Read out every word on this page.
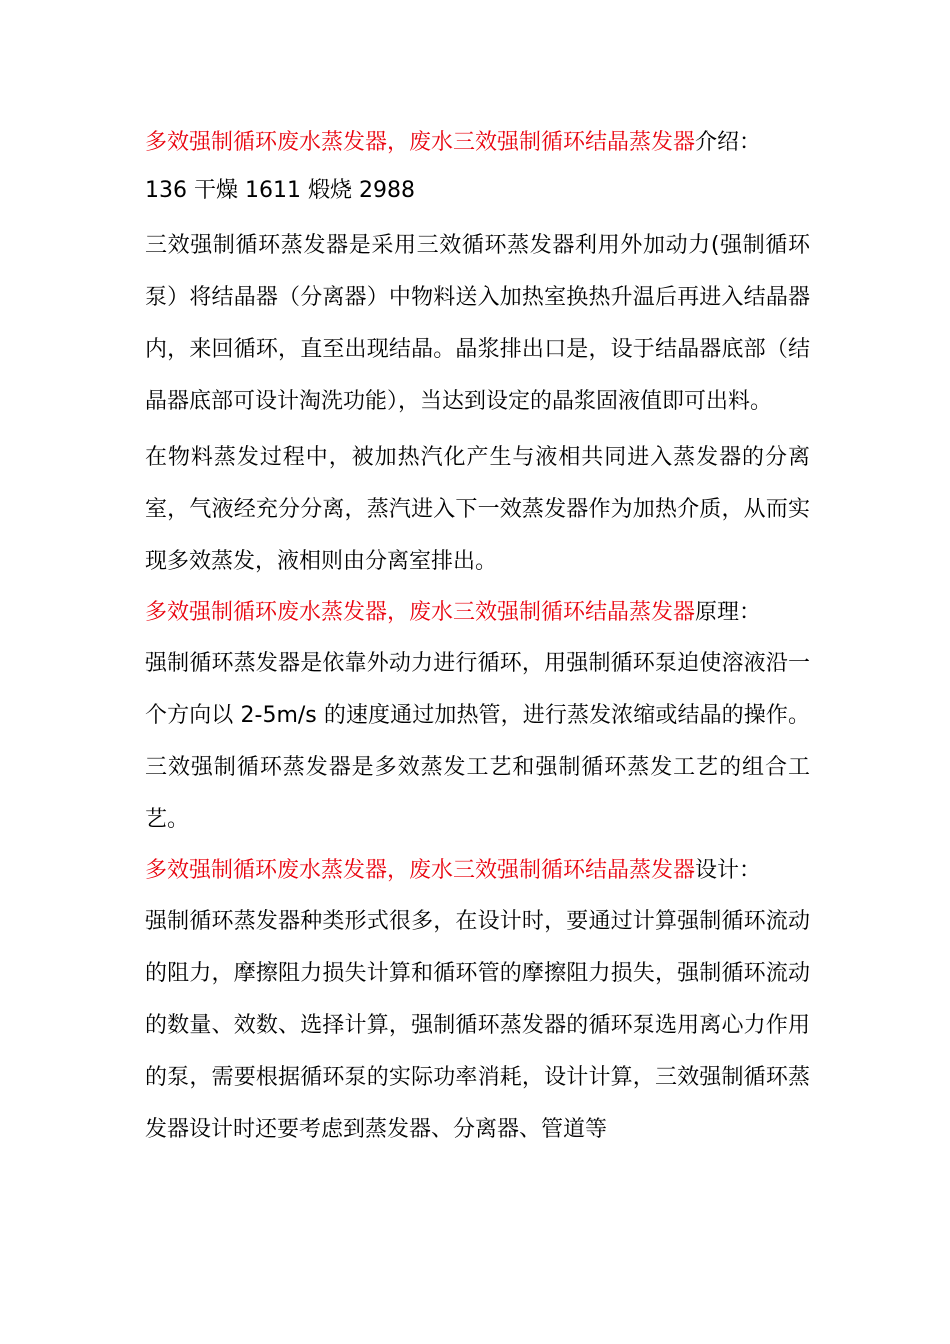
多效强制循环废水蒸发器，废水三效强制循环结晶蒸发器介绍：

136 干燥 1611 煅烧 2988

三效强制循环蒸发器是采用三效循环蒸发器利用外加动力(强制循环泵）将结晶器（分离器）中物料送入加热室换热升温后再进入结晶器内，来回循环，直至出现结晶。晶浆排出口是，设于结晶器底部（结晶器底部可设计淘洗功能），当达到设定的晶浆固液值即可出料。

在物料蒸发过程中，被加热汽化产生与液相共同进入蒸发器的分离室，气液经充分分离，蒸汽进入下一效蒸发器作为加热介质，从而实现多效蒸发，液相则由分离室排出。

多效强制循环废水蒸发器，废水三效强制循环结晶蒸发器原理：

强制循环蒸发器是依靠外动力进行循环，用强制循环泵迫使溶液沿一个方向以 2-5m/s 的速度通过加热管，进行蒸发浓缩或结晶的操作。三效强制循环蒸发器是多效蒸发工艺和强制循环蒸发工艺的组合工艺。

多效强制循环废水蒸发器，废水三效强制循环结晶蒸发器设计：

强制循环蒸发器种类形式很多，在设计时，要通过计算强制循环流动的阻力，摩擦阻力损失计算和循环管的摩擦阻力损失，强制循环流动的数量、效数、选择计算，强制循环蒸发器的循环泵选用离心力作用的泵，需要根据循环泵的实际功率消耗，设计计算，三效强制循环蒸发器设计时还要考虑到蒸发器、分离器、管道等
